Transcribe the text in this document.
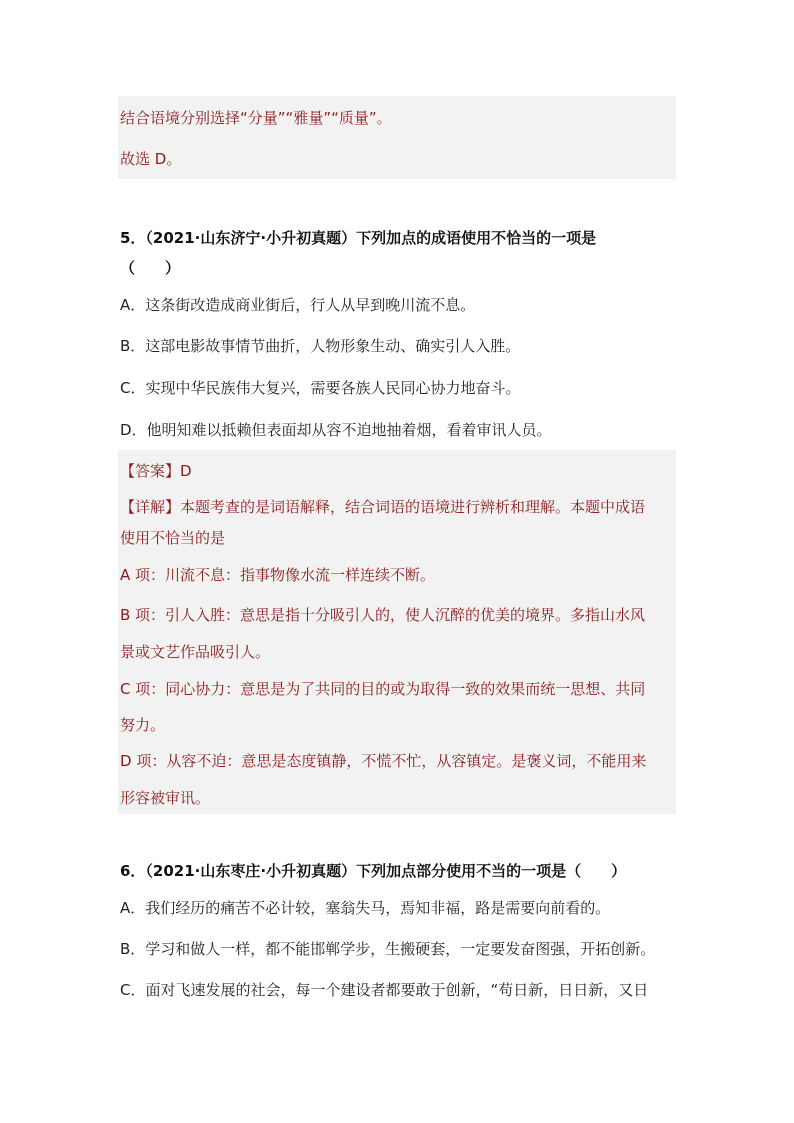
结合语境分别选择“分量”“雅量”“质量”。
故选 D。
5．（2021·山东济宁·小升初真题）下列加点的成语使用不恰当的一项是
（　　）
A．这条街改造成商业街后，行人从早到晚川流不息。
B．这部电影故事情节曲折，人物形象生动、确实引人入胜。
C．实现中华民族伟大复兴，需要各族人民同心协力地奋斗。
D．他明知难以抵赖但表面却从容不迫地抽着烟，看着审讯人员。
【答案】D
【详解】本题考查的是词语解释，结合词语的语境进行辨析和理解。本题中成语
使用不恰当的是
A 项：川流不息：指事物像水流一样连续不断。
B 项：引人入胜：意思是指十分吸引人的，使人沉醉的优美的境界。多指山水风
景或文艺作品吸引人。
C 项：同心协力：意思是为了共同的目的或为取得一致的效果而统一思想、共同
努力。
D 项：从容不迫：意思是态度镇静，不慌不忙，从容镇定。是褒义词，不能用来
形容被审讯。
6．（2021·山东枣庄·小升初真题）下列加点部分使用不当的一项是（　　）
A．我们经历的痛苦不必计较，塞翁失马，焉知非福，路是需要向前看的。
B．学习和做人一样，都不能邯郸学步，生搬硬套，一定要发奋图强，开拓创新。
C．面对飞速发展的社会，每一个建设者都要敢于创新，“苟日新，日日新，又日
